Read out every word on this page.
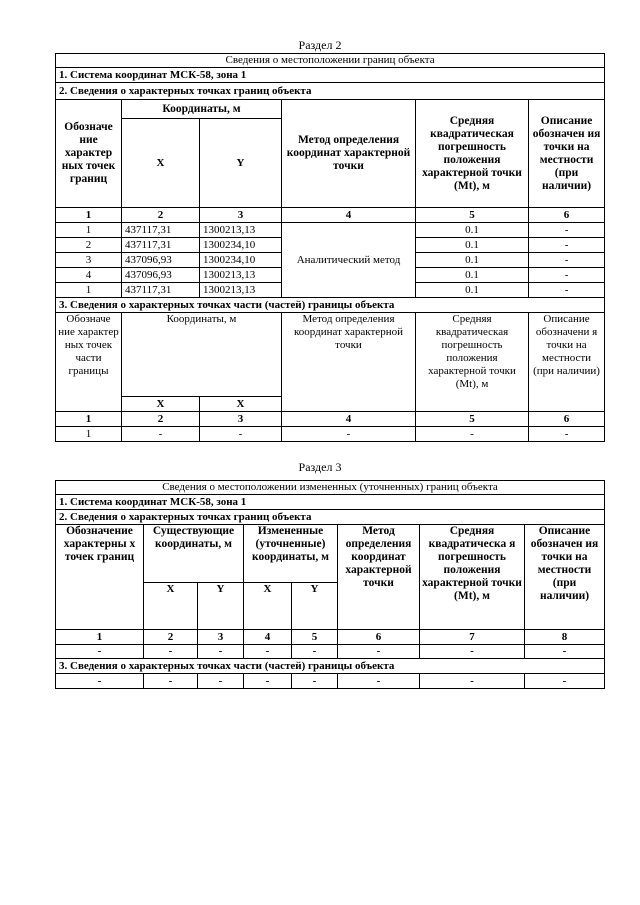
Раздел 2
Сведения о местоположении границ объекта					
1. Система координат МСК-58, зона 1					
2. Сведения о характерных точках границ объекта					
Обозначе ние характер ных точек границ	Координаты, м		Метод определения координат характерной точки	Средняя квадратическая погрешность положения характерной точки (Mt), м	Описание обозначен ия точки на местности (при наличии)
	X	Y			
1	2	3	4	5	6
1	437117,31	1300213,13	Аналитический метод	0.1	-
2	437117,31	1300234,10		0.1	-
3	437096,93	1300234,10		0.1	-
4	437096,93	1300213,13		0.1	-
1	437117,31	1300213,13		0.1	-
3. Сведения о характерных точках части (частей) границы объекта					
Обозначе ние характер ных точек части границы	Координаты, м		Метод определения координат характерной точки	Средняя квадратическая погрешность положения характерной точки (Mt), м	Описание обозначени я точки на местности (при наличии)
	X	X			
1	2	3	4	5	6
1	-	-	-	-	-
Раздел 3
Сведения о местоположении измененных (уточненных) границ объекта							
1. Система координат МСК-58, зона 1							
2. Сведения о характерных точках границ объекта							
Обозначение характерны х точек границ	Существующие координаты, м		Измененные (уточненные) координаты, м		Метод определения координат характерной точки	Средняя квадратическа я погрешность положения характерной точки (Mt), м	Описание обозначен ия точки на местности (при наличии)
	X	Y	X	Y			
1	2	3	4	5	6	7	8
-	-	-	-	-	-	-	-
3. Сведения о характерных точках части (частей) границы объекта							
-	-	-	-	-	-	-	-
